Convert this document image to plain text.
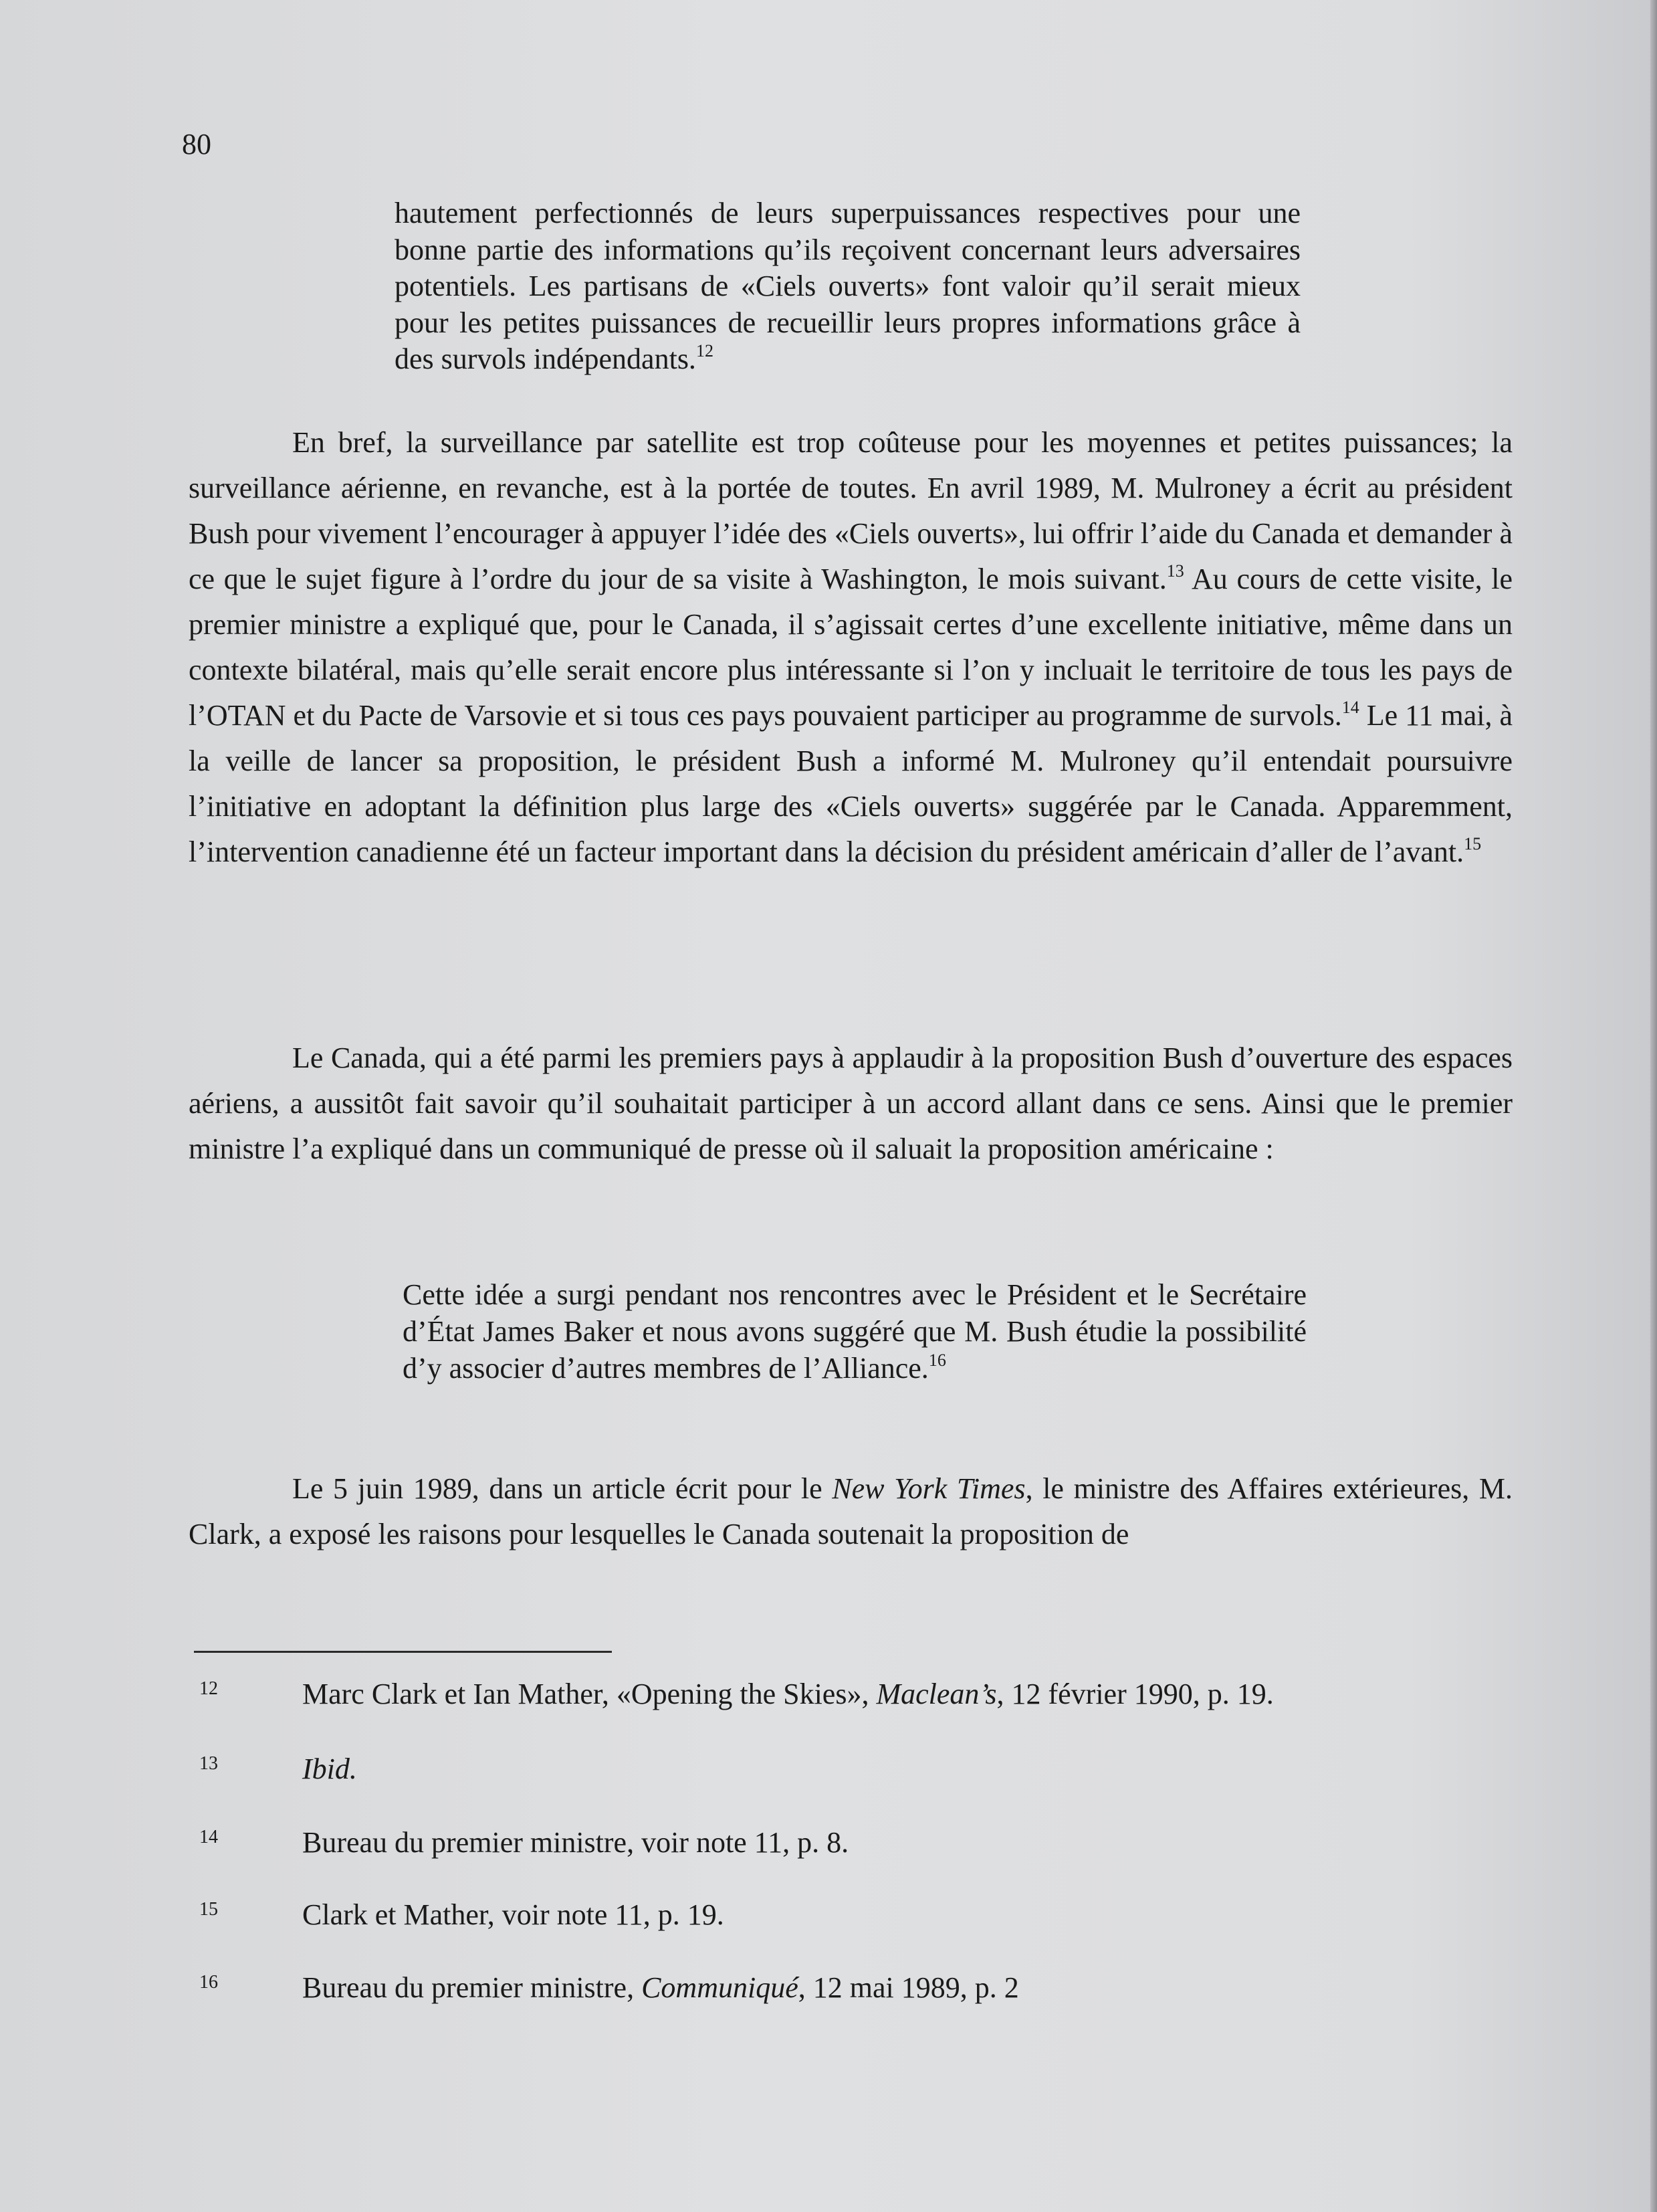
80
hautement perfectionnés de leurs superpuissances respectives pour une bonne partie des informations qu’ils reçoivent concernant leurs adversaires potentiels. Les partisans de «Ciels ouverts» font valoir qu’il serait mieux pour les petites puissances de recueillir leurs propres informations grâce à des survols indépendants.$^{12}$
En bref, la surveillance par satellite est trop coûteuse pour les moyennes et petites puissances; la surveillance aérienne, en revanche, est à la portée de toutes. En avril 1989, M. Mulroney a écrit au président Bush pour vivement l’encourager à appuyer l’idée des «Ciels ouverts», lui offrir l’aide du Canada et demander à ce que le sujet figure à l’ordre du jour de sa visite à Washington, le mois suivant.$^{13}$ Au cours de cette visite, le premier ministre a expliqué que, pour le Canada, il s’agissait certes d’une excellente initiative, même dans un contexte bilatéral, mais qu’elle serait encore plus intéressante si l’on y incluait le territoire de tous les pays de l’OTAN et du Pacte de Varsovie et si tous ces pays pouvaient participer au programme de survols.$^{14}$ Le 11 mai, à la veille de lancer sa proposition, le président Bush a informé M. Mulroney qu’il entendait poursuivre l’initiative en adoptant la définition plus large des «Ciels ouverts» suggérée par le Canada. Apparemment, l’intervention canadienne été un facteur important dans la décision du président américain d’aller de l’avant.$^{15}$
Le Canada, qui a été parmi les premiers pays à applaudir à la proposition Bush d’ouverture des espaces aériens, a aussitôt fait savoir qu’il souhaitait participer à un accord allant dans ce sens. Ainsi que le premier ministre l’a expliqué dans un communiqué de presse où il saluait la proposition américaine :
Cette idée a surgi pendant nos rencontres avec le Président et le Secrétaire d’État James Baker et nous avons suggéré que M. Bush étudie la possibilité d’y associer d’autres membres de l’Alliance.$^{16}$
Le 5 juin 1989, dans un article écrit pour le New York Times, le ministre des Affaires extérieures, M. Clark, a exposé les raisons pour lesquelles le Canada soutenait la proposition de
12	Marc Clark et Ian Mather, «Opening the Skies», Maclean’s, 12 février 1990, p. 19.
13	Ibid.
14	Bureau du premier ministre, voir note 11, p. 8.
15	Clark et Mather, voir note 11, p. 19.
16	Bureau du premier ministre, Communiqué, 12 mai 1989, p. 2
